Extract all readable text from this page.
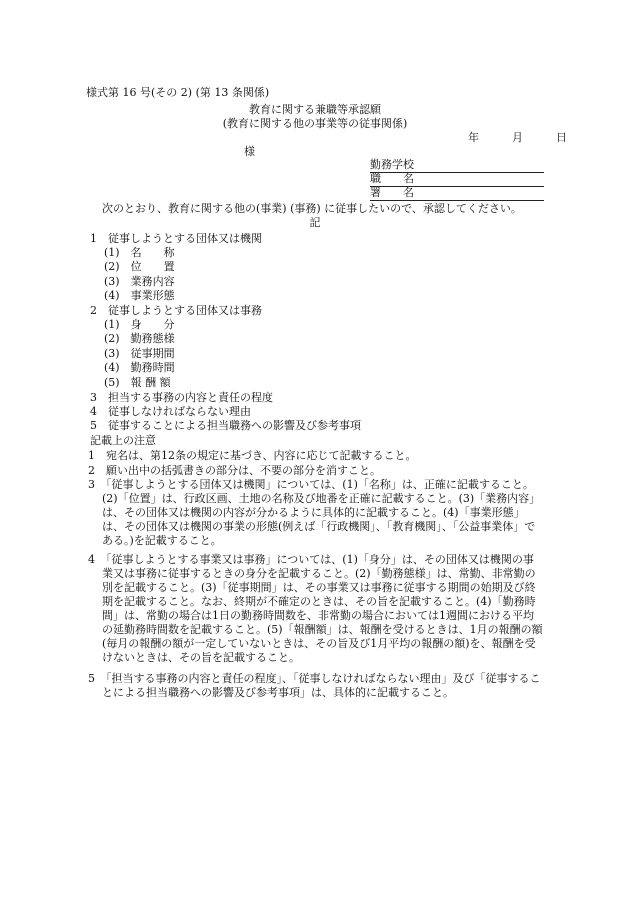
様式第 16 号(その 2) (第 13 条関係)
教育に関する兼職等承認願
(教育に関する他の事業等の従事関係)
年	月	日
様
勤務学校
職　　名
署　　名
次のとおり、教育に関する他の(事業) (事務) に従事したいので、承認してください。
記
1　従事しようとする団体又は機関
(1)　名　　称
(2)　位　　置
(3)　業務内容
(4)　事業形態
2　従事しようとする団体又は事務
(1)　身　　分
(2)　勤務態様
(3)　従事期間
(4)　勤務時間
(5)　報 酬 額
3　担当する事務の内容と責任の程度
4　従事しなければならない理由
5　従事することによる担当職務への影響及び参考事項
記載上の注意
1　宛名は、第12条の規定に基づき、内容に応じて記載すること。
2　願い出中の括弧書きの部分は、不要の部分を消すこと。
3　「従事しようとする団体又は機関」については、(1)「名称」は、正確に記載すること。(2)「位置」は、行政区画、土地の名称及び地番を正確に記載すること。(3)「業務内容」は、その団体又は機関の内容が分かるように具体的に記載すること。(4)「事業形態」は、その団体又は機関の事業の形態(例えば「行政機関」、「教育機関」、「公益事業体」である。)を記載すること。
4　「従事しようとする事業又は事務」については、(1)「身分」は、その団体又は機関の事業又は事務に従事するときの身分を記載すること。(2)「勤務態様」は、常勤、非常勤の別を記載すること。(3)「従事期間」は、その事業又は事務に従事する期間の始期及び終期を記載すること。なお、終期が不確定のときは、その旨を記載すること。(4)「勤務時間」は、常勤の場合は1日の勤務時間数を、非常勤の場合においては1週間における平均の延勤務時間数を記載すること。(5)「報酬額」は、報酬を受けるときは、1月の報酬の額(毎月の報酬の額が一定していないときは、その旨及び1月平均の報酬の額)を、報酬を受けないときは、その旨を記載すること。
5　「担当する事務の内容と責任の程度」、「従事しなければならない理由」及び「従事することによる担当職務への影響及び参考事項」は、具体的に記載すること。
